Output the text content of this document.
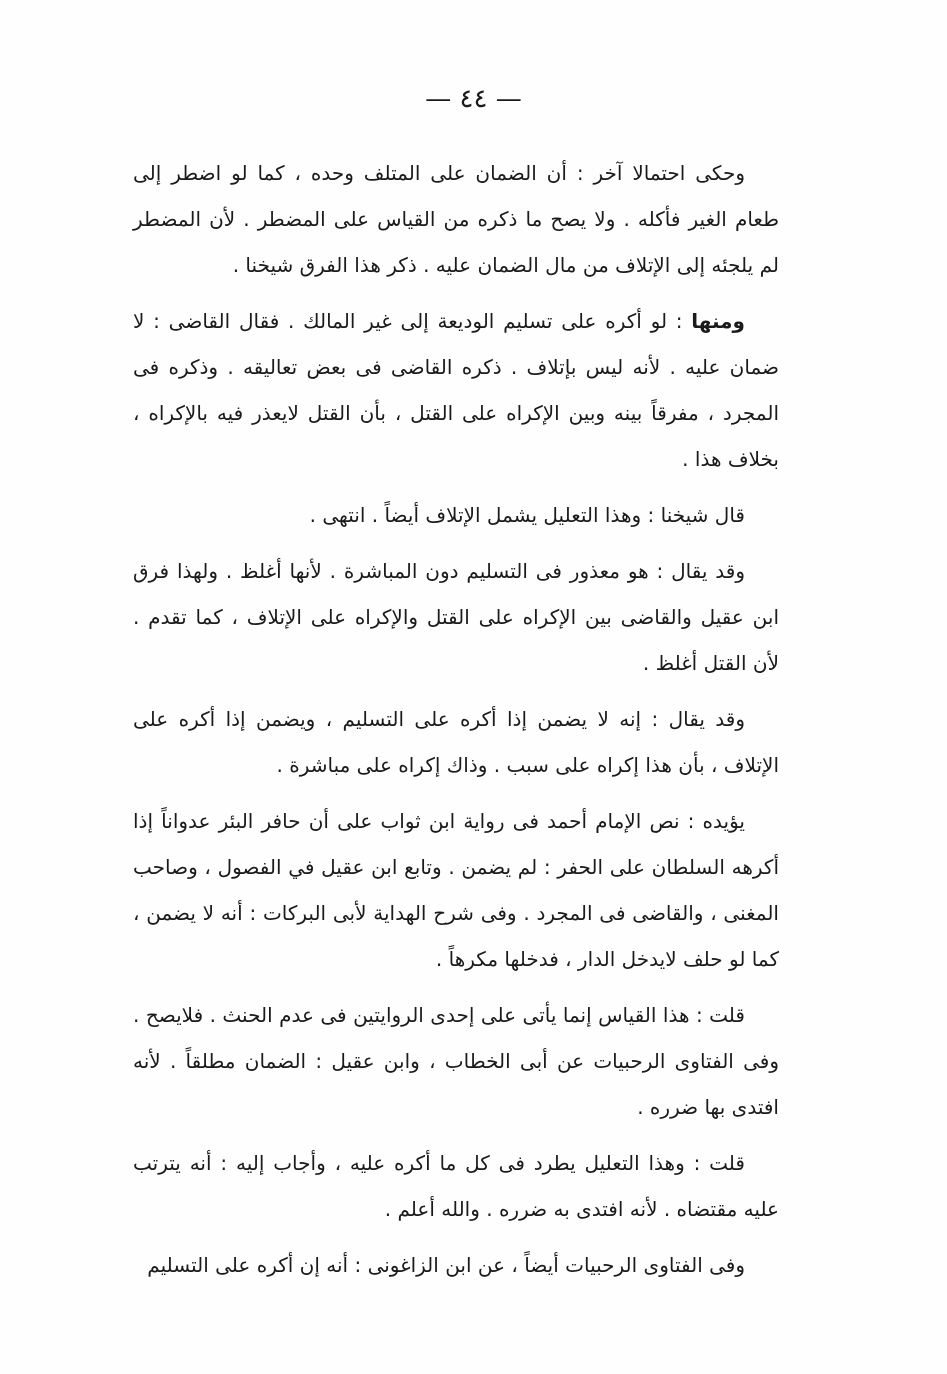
— ٤٤ —

وحكى احتمالا آخر : أن الضمان على المتلف وحده ، كما لو اضطر إلى طعام الغير فأكله . ولا يصح ما ذكره من القياس على المضطر . لأن المضطر لم يلجئه إلى الإتلاف من مال الضمان عليه . ذكر هذا الفرق شيخنا .

ومنها : لو أكره على تسليم الوديعة إلى غير المالك . فقال القاضى : لا ضمان عليه . لأنه ليس بإتلاف . ذكره القاضى فى بعض تعاليقه . وذكره فى المجرد ، مفرقاً بينه وبين الإكراه على القتل ، بأن القتل لايعذر فيه بالإكراه ، بخلاف هذا .

قال شيخنا : وهذا التعليل يشمل الإتلاف أيضاً . انتهى .

وقد يقال : هو معذور فى التسليم دون المباشرة . لأنها أغلظ . ولهذا فرق ابن عقيل والقاضى بين الإكراه على القتل والإكراه على الإتلاف ، كما تقدم . لأن القتل أغلظ .

وقد يقال : إنه لا يضمن إذا أكره على التسليم ، ويضمن إذا أكره على الإتلاف ، بأن هذا إكراه على سبب . وذاك إكراه على مباشرة .

يؤيده : نص الإمام أحمد فى رواية ابن ثواب على أن حافر البئر عدواناً إذا أكرهه السلطان على الحفر : لم يضمن . وتابع ابن عقيل في الفصول ، وصاحب المغنى ، والقاضى فى المجرد . وفى شرح الهداية لأبى البركات : أنه لا يضمن ، كما لو حلف لايدخل الدار ، فدخلها مكرهاً .

قلت : هذا القياس إنما يأتى على إحدى الروايتين فى عدم الحنث . فلايصح . وفى الفتاوى الرحبيات عن أبى الخطاب ، وابن عقيل : الضمان مطلقاً . لأنه افتدى بها ضرره .

قلت : وهذا التعليل يطرد فى كل ما أكره عليه ، وأجاب إليه : أنه يترتب عليه مقتضاه . لأنه افتدى به ضرره . والله أعلم .

وفى الفتاوى الرحبيات أيضاً ، عن ابن الزاغونى : أنه إن أكره على التسليم
